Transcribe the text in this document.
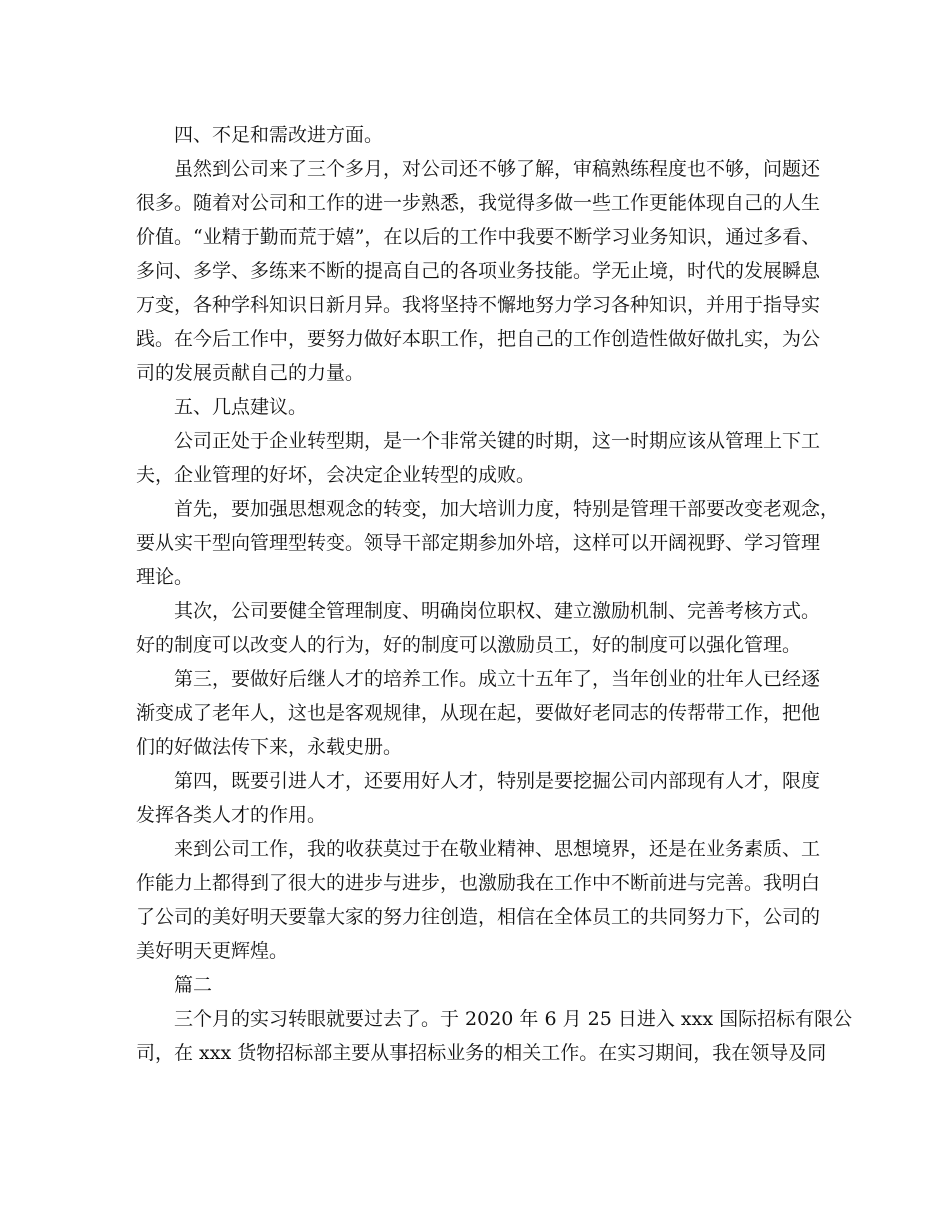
四、不足和需改进方面。
虽然到公司来了三个多月，对公司还不够了解，审稿熟练程度也不够，问题还
很多。随着对公司和工作的进一步熟悉，我觉得多做一些工作更能体现自己的人生
价值。“业精于勤而荒于嬉”，在以后的工作中我要不断学习业务知识，通过多看、
多问、多学、多练来不断的提高自己的各项业务技能。学无止境，时代的发展瞬息
万变，各种学科知识日新月异。我将坚持不懈地努力学习各种知识，并用于指导实
践。在今后工作中，要努力做好本职工作，把自己的工作创造性做好做扎实，为公
司的发展贡献自己的力量。
五、几点建议。
公司正处于企业转型期，是一个非常关键的时期，这一时期应该从管理上下工
夫，企业管理的好坏，会决定企业转型的成败。
首先，要加强思想观念的转变，加大培训力度，特别是管理干部要改变老观念，
要从实干型向管理型转变。领导干部定期参加外培，这样可以开阔视野、学习管理
理论。
其次，公司要健全管理制度、明确岗位职权、建立激励机制、完善考核方式。
好的制度可以改变人的行为，好的制度可以激励员工，好的制度可以强化管理。
第三，要做好后继人才的培养工作。成立十五年了，当年创业的壮年人已经逐
渐变成了老年人，这也是客观规律，从现在起，要做好老同志的传帮带工作，把他
们的好做法传下来，永载史册。
第四，既要引进人才，还要用好人才，特别是要挖掘公司内部现有人才，限度
发挥各类人才的作用。
来到公司工作，我的收获莫过于在敬业精神、思想境界，还是在业务素质、工
作能力上都得到了很大的进步与进步，也激励我在工作中不断前进与完善。我明白
了公司的美好明天要靠大家的努力往创造，相信在全体员工的共同努力下，公司的
美好明天更辉煌。
篇二
三个月的实习转眼就要过去了。于 2020 年 6 月 25 日进入 xxx 国际招标有限公
司，在 xxx 货物招标部主要从事招标业务的相关工作。在实习期间，我在领导及同
